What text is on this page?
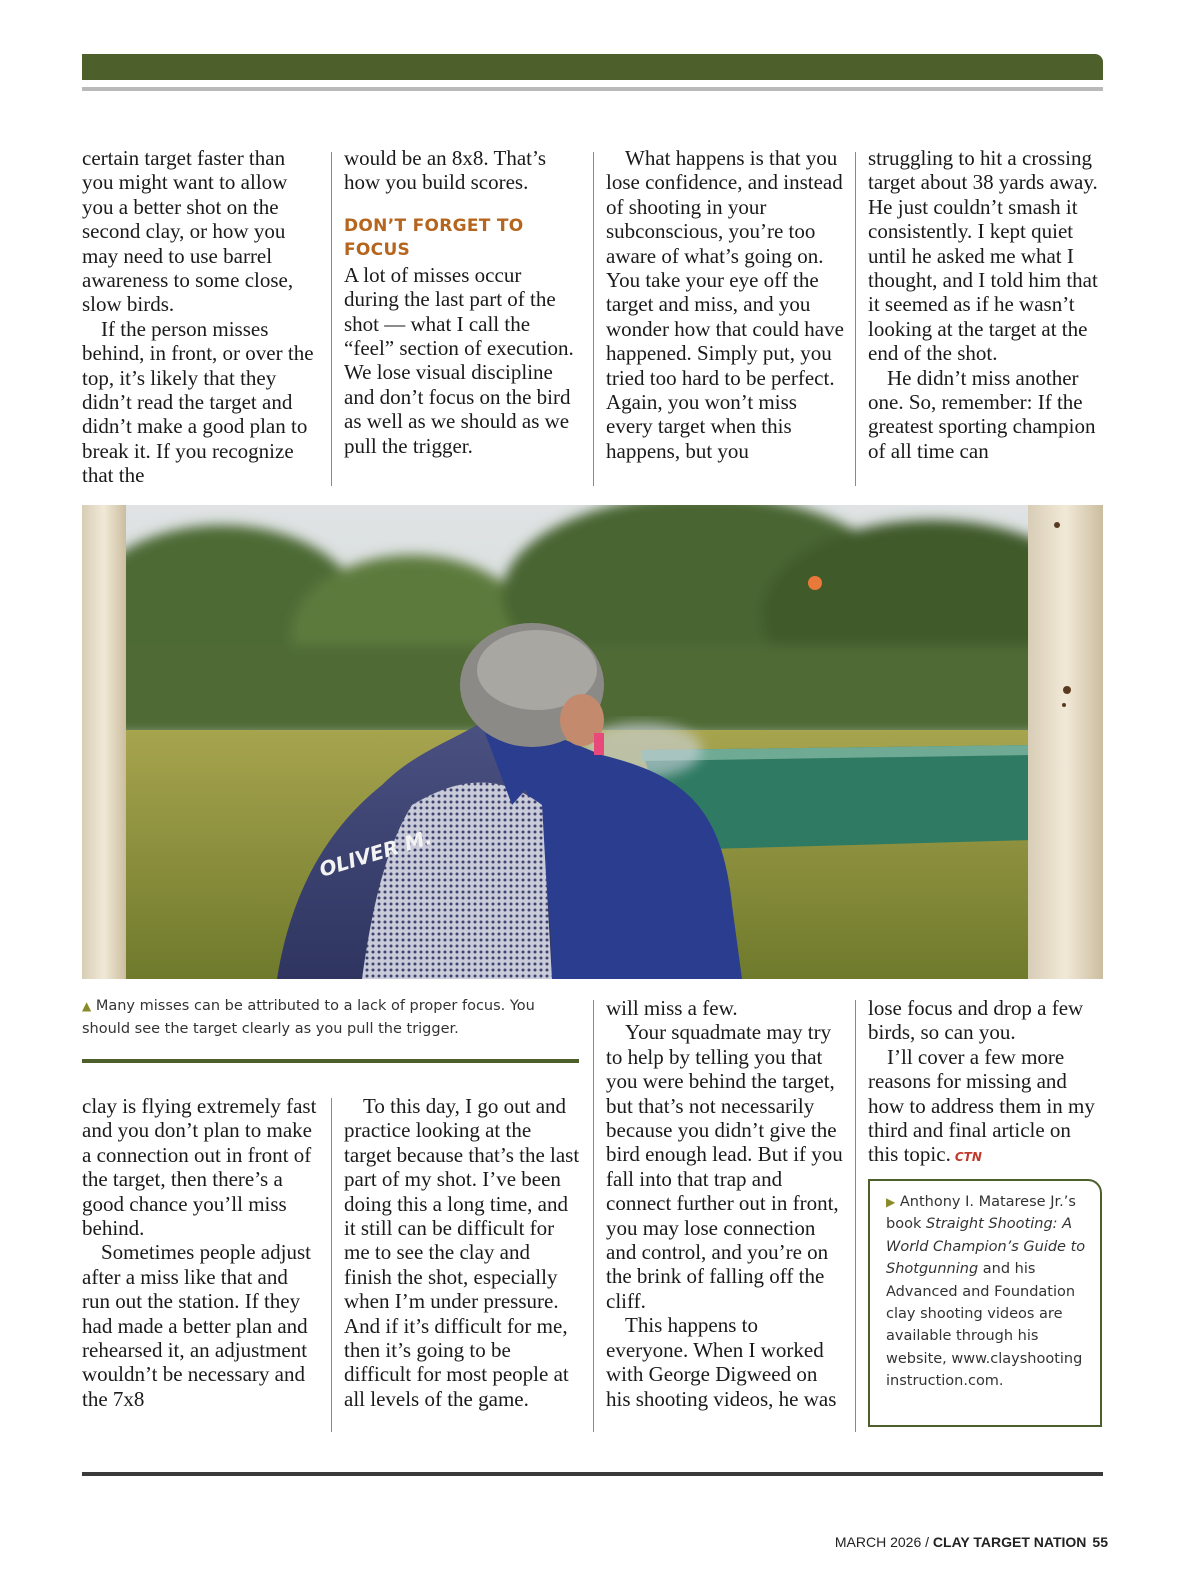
certain target faster than you might want to allow you a better shot on the second clay, or how you may need to use barrel awareness to some close, slow birds.

If the person misses behind, in front, or over the top, it’s likely that they didn’t read the target and didn’t make a good plan to break it. If you recognize that the

would be an 8x8. That’s how you build scores.

DON’T FORGET TO FOCUS

A lot of misses occur during the last part of the shot — what I call the “feel” section of execution. We lose visual discipline and don’t focus on the bird as well as we should as we pull the trigger.

What happens is that you lose confidence, and instead of shooting in your subconscious, you’re too aware of what’s going on. You take your eye off the target and miss, and you wonder how that could have happened. Simply put, you tried too hard to be perfect. Again, you won’t miss every target when this happens, but you

struggling to hit a crossing target about 38 yards away. He just couldn’t smash it consistently. I kept quiet until he asked me what I thought, and I told him that it seemed as if he wasn’t looking at the target at the end of the shot.

He didn’t miss another one. So, remember: If the greatest sporting champion of all time can

OLIVER M.
▲ Many misses can be attributed to a lack of proper focus. You should see the target clearly as you pull the trigger.

clay is flying extremely fast and you don’t plan to make a connection out in front of the target, then there’s a good chance you’ll miss behind.

Sometimes people adjust after a miss like that and run out the station. If they had made a better plan and rehearsed it, an adjustment wouldn’t be necessary and the 7x8

To this day, I go out and practice looking at the target because that’s the last part of my shot. I’ve been doing this a long time, and it still can be difficult for me to see the clay and finish the shot, especially when I’m under pressure. And if it’s difficult for me, then it’s going to be difficult for most people at all levels of the game.

will miss a few.

Your squadmate may try to help by telling you that you were behind the target, but that’s not necessarily because you didn’t give the bird enough lead. But if you fall into that trap and connect further out in front, you may lose connection and control, and you’re on the brink of falling off the cliff.

This happens to everyone. When I worked with George Digweed on his shooting videos, he was

lose focus and drop a few birds, so can you.

I’ll cover a few more reasons for missing and how to address them in my third and final article on this topic. CTN

▶ Anthony I. Matarese Jr.’s book Straight Shooting: A World Champion’s Guide to Shotgunning and his Advanced and Foundation clay shooting videos are available through his website, www.clayshooting instruction.com.
MARCH 2026 / CLAY TARGET NATION 55
